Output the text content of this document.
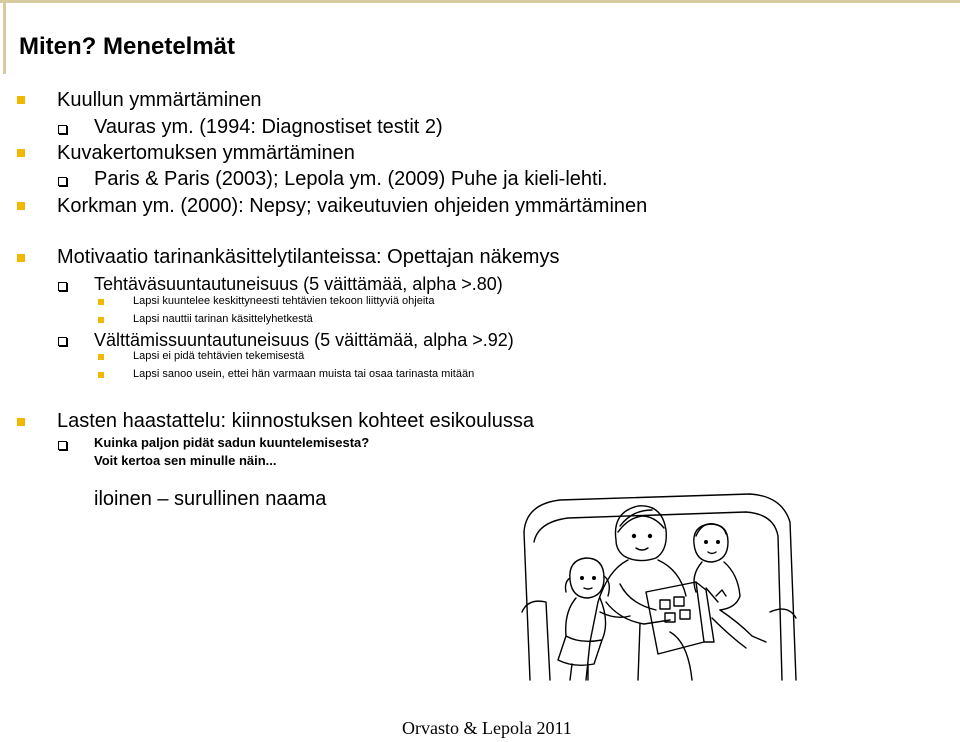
Miten? Menetelmät
Kuullun ymmärtäminen
Vauras ym. (1994: Diagnostiset testit 2)
Kuvakertomuksen ymmärtäminen
Paris & Paris (2003); Lepola ym. (2009) Puhe ja kieli-lehti.
Korkman ym. (2000): Nepsy; vaikeutuvien ohjeiden ymmärtäminen
Motivaatio tarinankäsittelytilanteissa: Opettajan näkemys
Tehtäväsuuntautuneisuus (5 väittämää, alpha >.80)
Lapsi kuuntelee keskittyneesti tehtävien tekoon liittyviä ohjeita
Lapsi nauttii tarinan käsittelyhetkestä
Välttämissuuntautuneisuus (5 väittämää, alpha >.92)
Lapsi ei pidä tehtävien tekemisestä
Lapsi sanoo usein, ettei hän varmaan muista tai osaa tarinasta mitään
Lasten haastattelu: kiinnostuksen kohteet esikoulussa
Kuinka paljon pidät sadun kuuntelemisesta?
Voit kertoa sen minulle näin...
iloinen – surullinen naama
Orvasto & Lepola 2011
